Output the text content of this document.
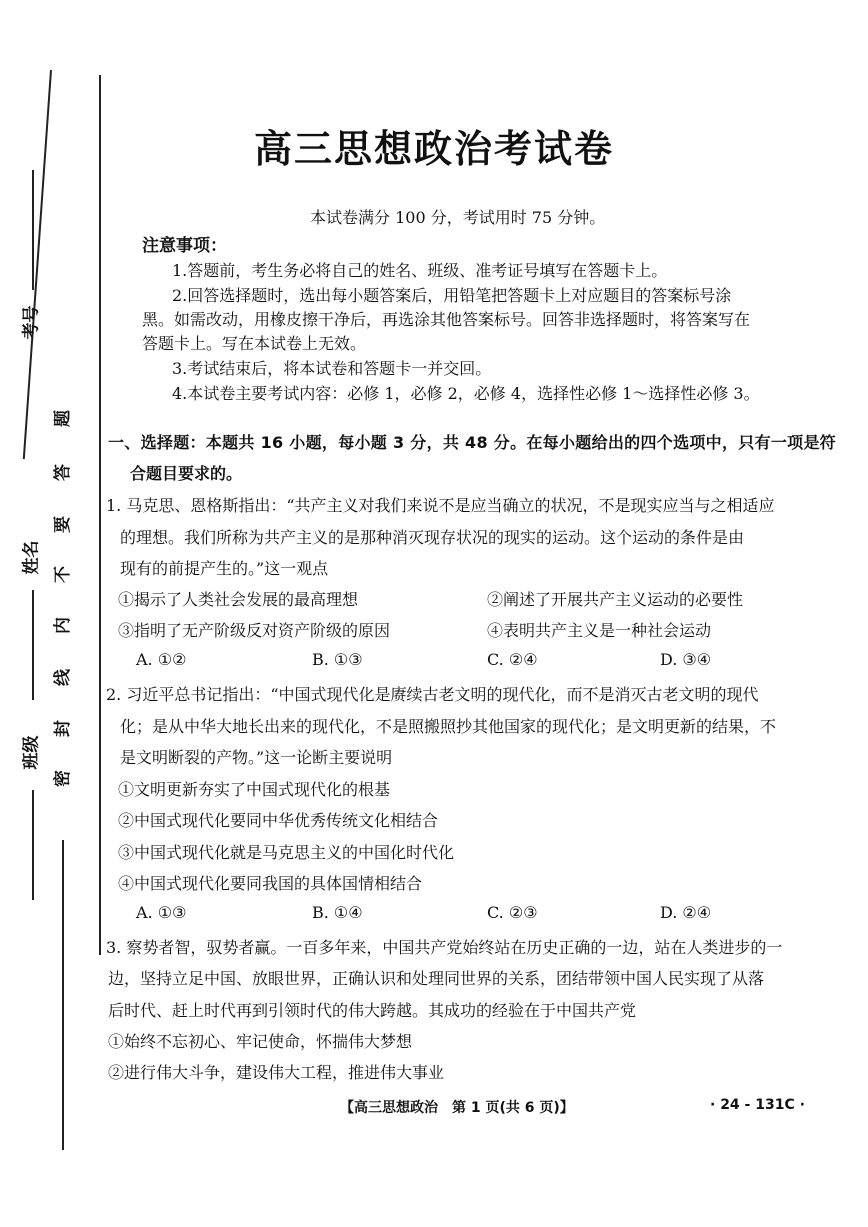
考号
姓名
班级
题
答
要
不
内
线
封
密
高三思想政治考试卷
本试卷满分 100 分，考试用时 75 分钟。
注意事项：
1.答题前，考生务必将自己的姓名、班级、准考证号填写在答题卡上。
2.回答选择题时，选出每小题答案后，用铅笔把答题卡上对应题目的答案标号涂
黑。如需改动，用橡皮擦干净后，再选涂其他答案标号。回答非选择题时，将答案写在
答题卡上。写在本试卷上无效。
3.考试结束后，将本试卷和答题卡一并交回。
4.本试卷主要考试内容：必修 1，必修 2，必修 4，选择性必修 1～选择性必修 3。
一、选择题：本题共 16 小题，每小题 3 分，共 48 分。在每小题给出的四个选项中，只有一项是符
合题目要求的。
1. 马克思、恩格斯指出：“共产主义对我们来说不是应当确立的状况，不是现实应当与之相适应
的理想。我们所称为共产主义的是那种消灭现存状况的现实的运动。这个运动的条件是由
现有的前提产生的。”这一观点
①揭示了人类社会发展的最高理想	②阐述了开展共产主义运动的必要性
③指明了无产阶级反对资产阶级的原因	④表明共产主义是一种社会运动
A. ①②	B. ①③	C. ②④	D. ③④
2. 习近平总书记指出：“中国式现代化是赓续古老文明的现代化，而不是消灭古老文明的现代
化；是从中华大地长出来的现代化，不是照搬照抄其他国家的现代化；是文明更新的结果，不
是文明断裂的产物。”这一论断主要说明
①文明更新夯实了中国式现代化的根基
②中国式现代化要同中华优秀传统文化相结合
③中国式现代化就是马克思主义的中国化时代化
④中国式现代化要同我国的具体国情相结合
A. ①③	B. ①④	C. ②③	D. ②④
3. 察势者智，驭势者赢。一百多年来，中国共产党始终站在历史正确的一边，站在人类进步的一
边，坚持立足中国、放眼世界，正确认识和处理同世界的关系，团结带领中国人民实现了从落
后时代、赶上时代再到引领时代的伟大跨越。其成功的经验在于中国共产党
①始终不忘初心、牢记使命，怀揣伟大梦想
②进行伟大斗争，建设伟大工程，推进伟大事业
【高三思想政治　第 1 页(共 6 页)】	· 24 - 131C ·
